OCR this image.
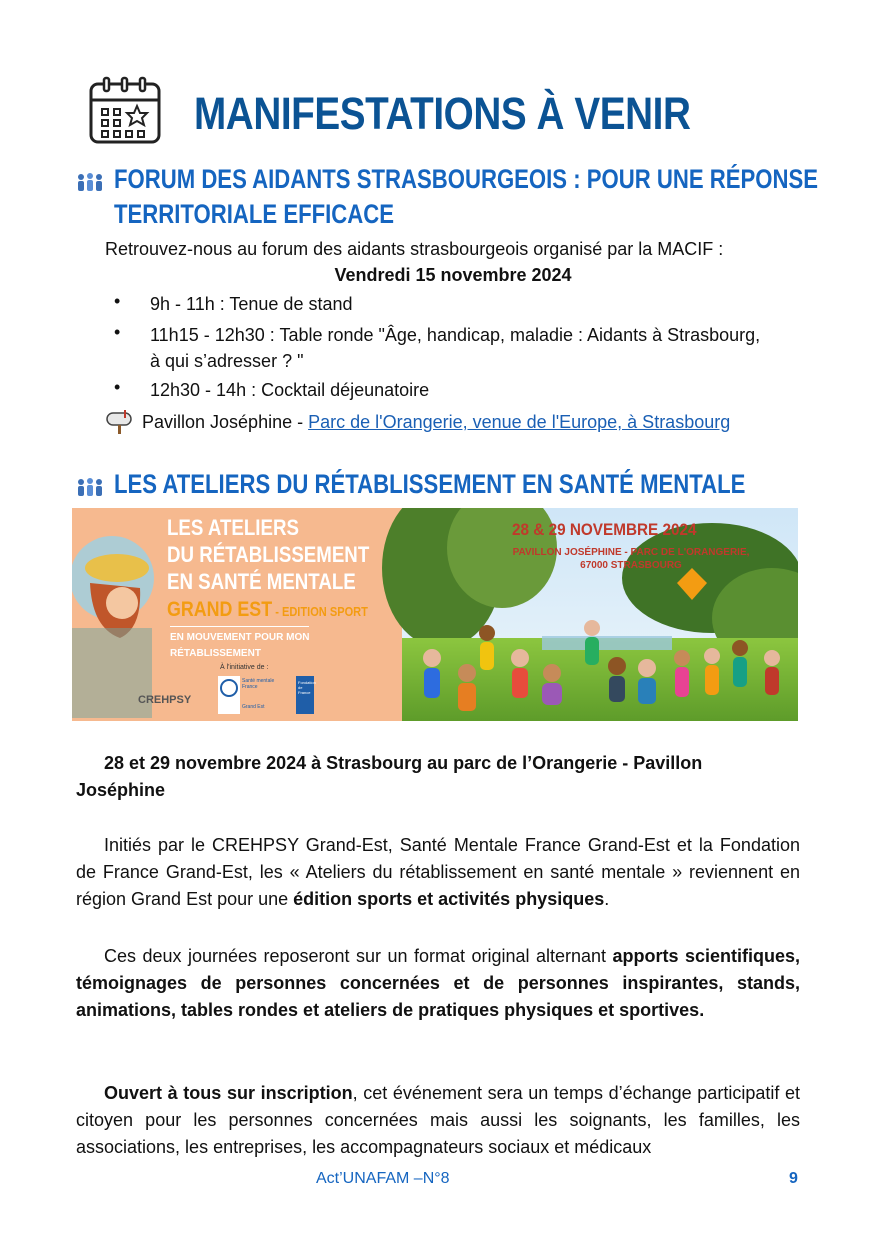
MANIFESTATIONS À VENIR
FORUM DES AIDANTS STRASBOURGEOIS : POUR UNE RÉPONSE
TERRITORIALE EFFICACE
Retrouvez-nous au forum des aidants strasbourgeois organisé par la MACIF :
Vendredi 15 novembre 2024
• 9h - 11h : Tenue de stand
• 11h15 - 12h30 : Table ronde "Âge, handicap, maladie : Aidants à Strasbourg,
à qui s’adresser ? "
• 12h30 - 14h : Cocktail déjeunatoire
Pavillon Joséphine - Parc de l'Orangerie, venue de l'Europe, à Strasbourg
LES ATELIERS DU RÉTABLISSEMENT EN SANTÉ MENTALE
LES ATELIERS
DU RÉTABLISSEMENT
EN SANTÉ MENTALE
GRAND EST - EDITION SPORT
EN MOUVEMENT POUR MON
RÉTABLISSEMENT
À l'initiative de :
CREHPSY
Santé mentale France
Grand Est
Fondation de France
28 & 29 NOVEMBRE 2024
PAVILLON JOSÉPHINE - PARC DE L'ORANGERIE,
67000 STRASBOURG
28 et 29 novembre 2024 à Strasbourg au parc de l’Orangerie - Pavillon
Joséphine
Initiés par le CREHPSY Grand-Est, Santé Mentale France Grand-Est et la Fondation de France Grand-Est, les « Ateliers du rétablissement en santé mentale » reviennent en région Grand Est pour une édition sports et activités physiques.
Ces deux journées reposeront sur un format original alternant apports scientifiques, témoignages de personnes concernées et de personnes inspirantes, stands, animations, tables rondes et ateliers de pratiques physiques et sportives.
Ouvert à tous sur inscription, cet événement sera un temps d’échange participatif et citoyen pour les personnes concernées mais aussi les soignants, les familles, les associations, les entreprises, les accompagnateurs sociaux et médicaux
Act’UNAFAM –N°8	9
